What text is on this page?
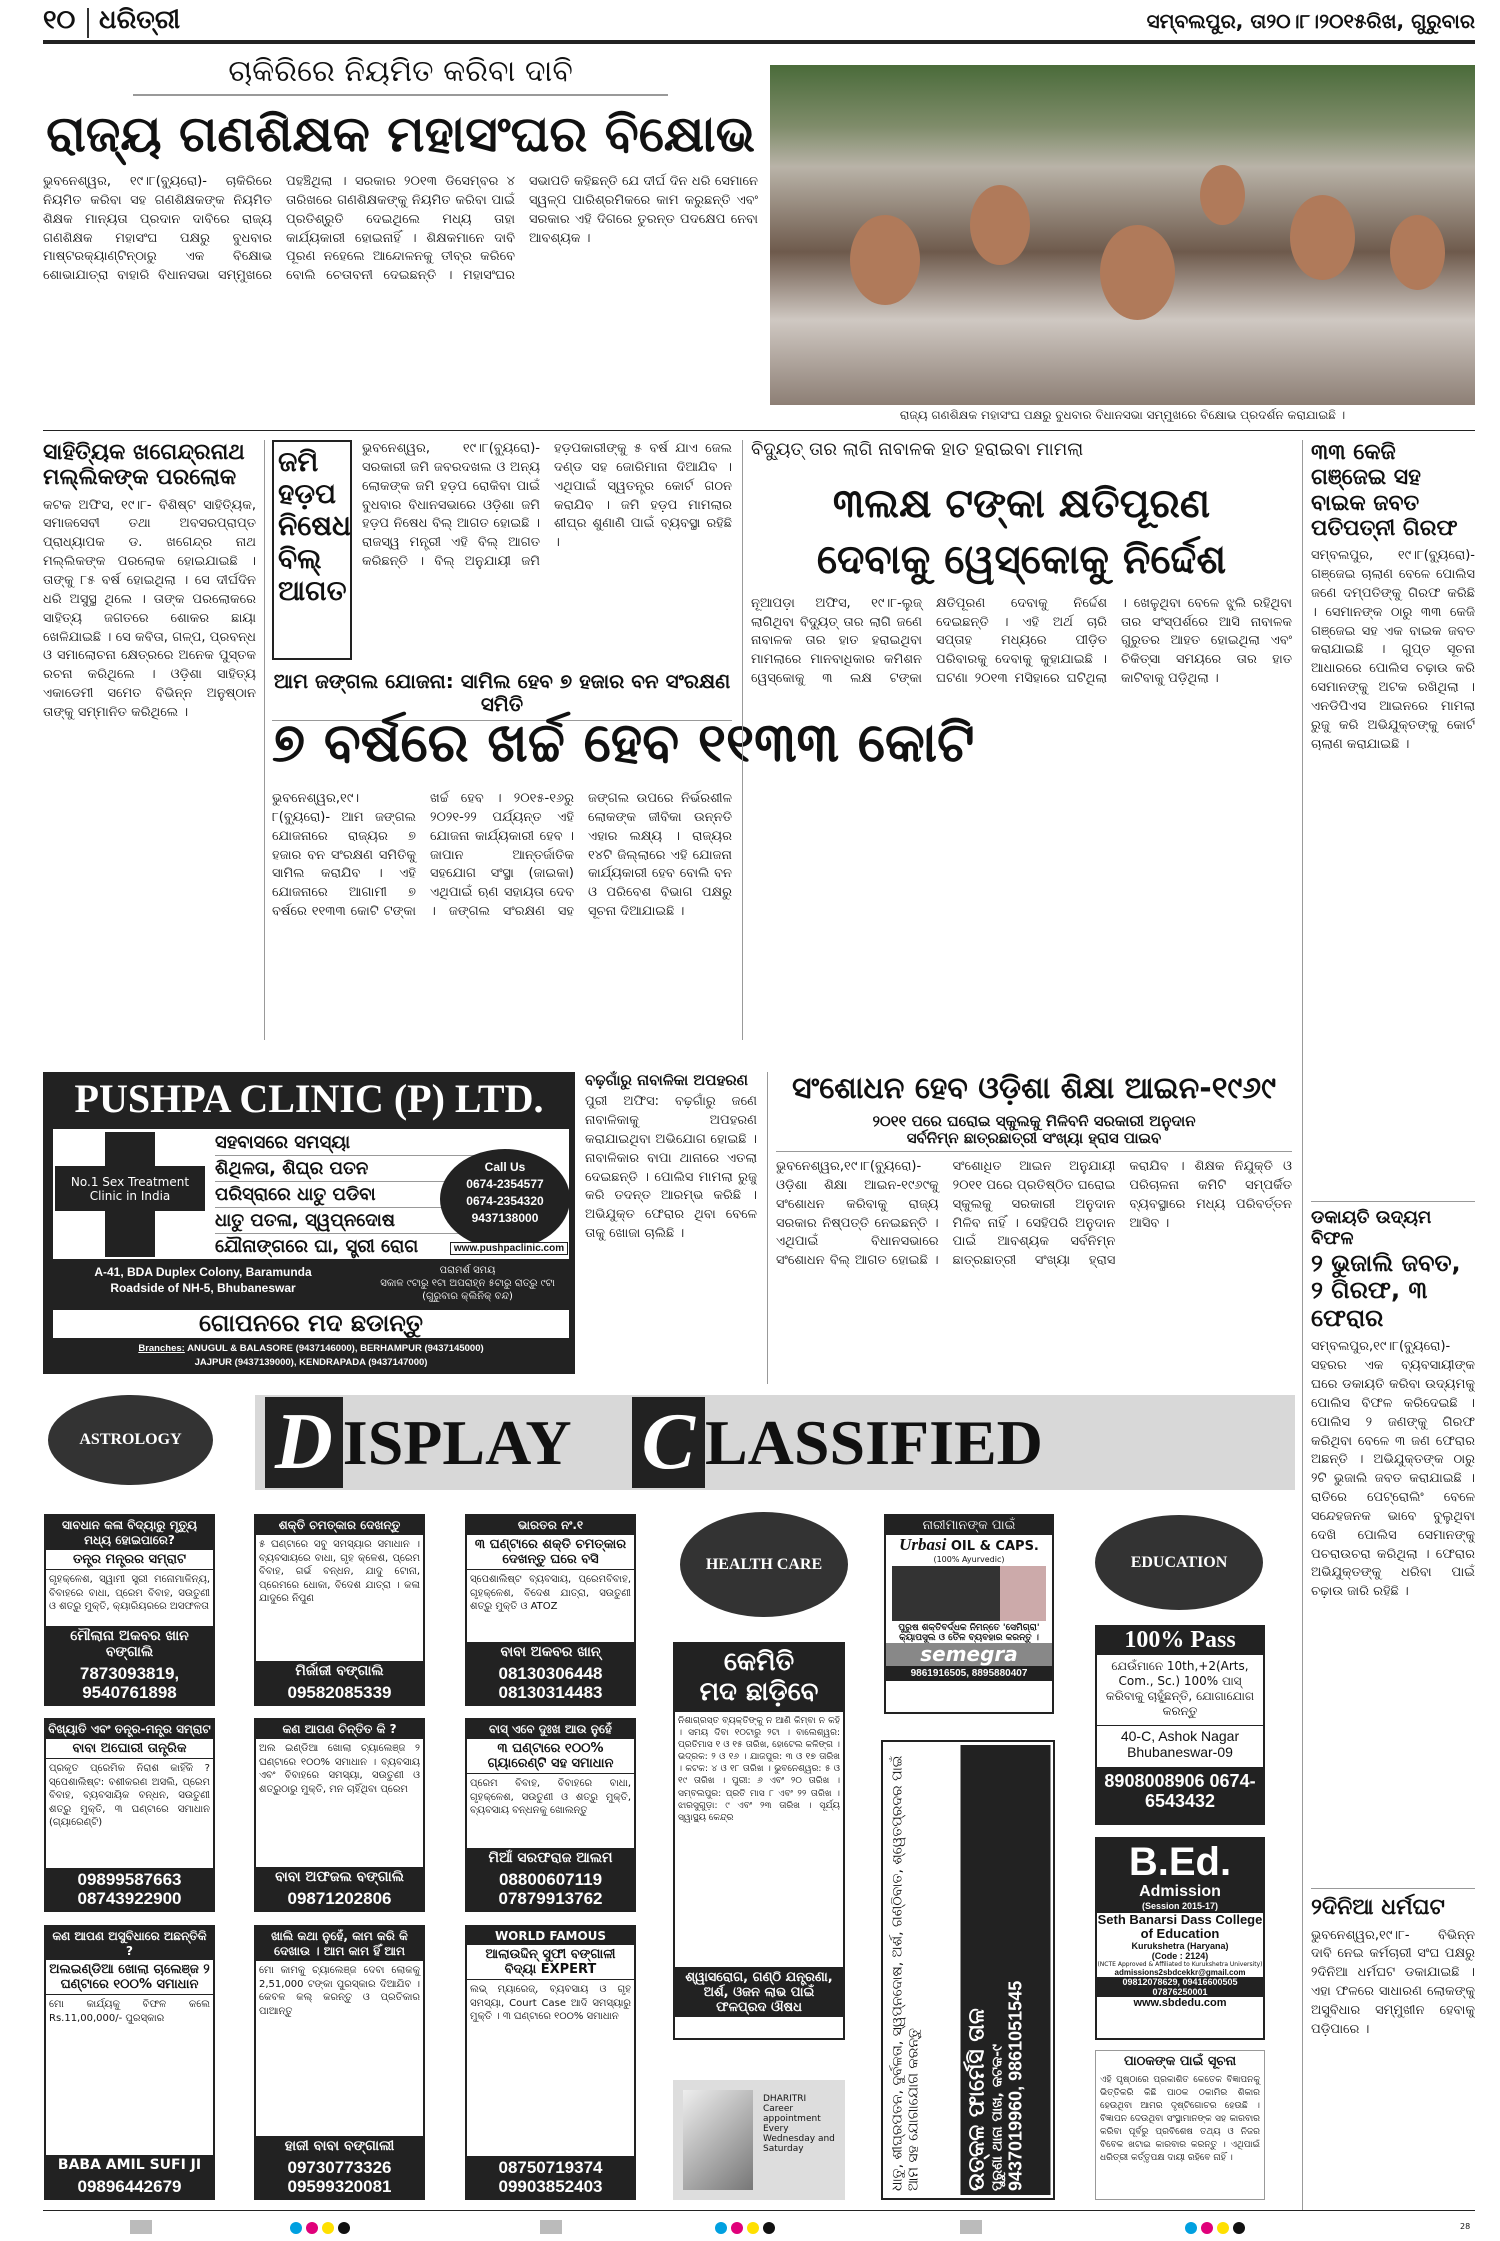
୧୦ ଧରିତ୍ରୀ	ସମ୍ବଲପୁର, ତା୨୦।୮।୨୦୧୫ରିଖ, ଗୁରୁବାର
ଚାକିରିରେ ନିୟମିତ କରିବା ଦାବି
ରାଜ୍ୟ ଗଣଶିକ୍ଷକ ମହାସଂଘର ବିକ୍ଷୋଭ
ଭୁବନେଶ୍ୱର, ୧୯।୮(ବ୍ୟୁରୋ)- ଚାକିରିରେ ନିୟମିତ କରିବା ସହ ଗଣଶିକ୍ଷକଙ୍କ ନିୟମିତ ଶିକ୍ଷକ ମାନ୍ୟତା ପ୍ରଦାନ ଦାବିରେ ରାଜ୍ୟ ଗଣଶିକ୍ଷକ ମହାସଂଘ ପକ୍ଷରୁ ବୁଧବାର ମାଷ୍ଟରକ୍ୟାଣ୍ଟିନ୍ଠାରୁ ଏକ ବିକ୍ଷୋଭ ଶୋଭାଯାତ୍ରା ବାହାରି ବିଧାନସଭା ସମ୍ମୁଖରେ ପହଞ୍ଚିଥିଲା । ସରକାର ୨୦୧୩ ଡିସେମ୍ବର ୪ ତାରିଖରେ ଗଣଶିକ୍ଷକଙ୍କୁ ନିୟମିତ କରିବା ପାଇଁ ପ୍ରତିଶ୍ରୁତି ଦେଇଥିଲେ ମଧ୍ୟ ତାହା କାର୍ଯ୍ୟକାରୀ ହୋଇନାହିଁ । ଶିକ୍ଷକମାନେ ଦାବି ପୂରଣ ନହେଲେ ଆନ୍ଦୋଳନକୁ ତୀବ୍ର କରିବେ ବୋଲି ଚେତାବନୀ ଦେଇଛନ୍ତି । ମହାସଂଘର ସଭାପତି କହିଛନ୍ତି ଯେ ଦୀର୍ଘ ଦିନ ଧରି ସେମାନେ ସ୍ୱଳ୍ପ ପାରିଶ୍ରମିକରେ କାମ କରୁଛନ୍ତି ଏବଂ ସରକାର ଏହି ଦିଗରେ ତୁରନ୍ତ ପଦକ୍ଷେପ ନେବା ଆବଶ୍ୟକ ।
ରାଜ୍ୟ ଗଣଶିକ୍ଷକ ମହାସଂଘ ପକ୍ଷରୁ ବୁଧବାର ବିଧାନସଭା ସମ୍ମୁଖରେ ବିକ୍ଷୋଭ ପ୍ରଦର୍ଶନ କରାଯାଇଛି ।
ସାହିତ୍ୟିକ ଖଗେନ୍ଦ୍ରନାଥ ମଲ୍ଲିକଙ୍କ ପରଲୋକ
କଟକ ଅଫିସ, ୧୯।୮- ବିଶିଷ୍ଟ ସାହିତ୍ୟିକ, ସମାଜସେବୀ ତଥା ଅବସରପ୍ରାପ୍ତ ପ୍ରାଧ୍ୟାପକ ଡ. ଖଗେନ୍ଦ୍ର ନାଥ ମଲ୍ଲିକଙ୍କ ପରଲୋକ ହୋଇଯାଇଛି । ତାଙ୍କୁ ୮୫ ବର୍ଷ ହୋଇଥିଲା । ସେ ଦୀର୍ଘଦିନ ଧରି ଅସୁସ୍ଥ ଥିଲେ । ତାଙ୍କ ପରଲୋକରେ ସାହିତ୍ୟ ଜଗତରେ ଶୋକର ଛାୟା ଖେଳିଯାଇଛି । ସେ କବିତା, ଗଳ୍ପ, ପ୍ରବନ୍ଧ ଓ ସମାଲୋଚନା କ୍ଷେତ୍ରରେ ଅନେକ ପୁସ୍ତକ ରଚନା କରିଥିଲେ । ଓଡ଼ିଶା ସାହିତ୍ୟ ଏକାଡେମୀ ସମେତ ବିଭିନ୍ନ ଅନୁଷ୍ଠାନ ତାଙ୍କୁ ସମ୍ମାନିତ କରିଥିଲେ ।
ଜମି ହଡ଼ପ ନିଷେଧ ବିଲ୍ ଆଗତ
ଭୁବନେଶ୍ୱର, ୧୯।୮(ବ୍ୟୁରୋ)- ସରକାରୀ ଜମି ଜବରଦଖଲ ଓ ଅନ୍ୟ ଲୋକଙ୍କ ଜମି ହଡ଼ପ ରୋକିବା ପାଇଁ ବୁଧବାର ବିଧାନସଭାରେ ଓଡ଼ିଶା ଜମି ହଡ଼ପ ନିଷେଧ ବିଲ୍ ଆଗତ ହୋଇଛି । ରାଜସ୍ୱ ମନ୍ତ୍ରୀ ଏହି ବିଲ୍ ଆଗତ କରିଛନ୍ତି । ବିଲ୍ ଅନୁଯାୟୀ ଜମି ହଡ଼ପକାରୀଙ୍କୁ ୫ ବର୍ଷ ଯାଏ ଜେଲ ଦଣ୍ଡ ସହ ଜୋରିମାନା ଦିଆଯିବ । ଏଥିପାଇଁ ସ୍ୱତନ୍ତ୍ର କୋର୍ଟ ଗଠନ କରାଯିବ । ଜମି ହଡ଼ପ ମାମଲାର ଶୀଘ୍ର ଶୁଣାଣି ପାଇଁ ବ୍ୟବସ୍ଥା ରହିଛି ।
ଆମ ଜଙ୍ଗଲ ଯୋଜନା: ସାମିଲ ହେବ ୭ ହଜାର ବନ ସଂରକ୍ଷଣ ସମିତି
୭ ବର୍ଷରେ ଖର୍ଚ୍ଚ ହେବ ୧୧୩୩ କୋଟି
ଭୁବନେଶ୍ୱର,୧୯।୮(ବ୍ୟୁରୋ)- ଆମ ଜଙ୍ଗଲ ଯୋଜନାରେ ରାଜ୍ୟର ୭ ହଜାର ବନ ସଂରକ୍ଷଣ ସମିତିକୁ ସାମିଲ କରାଯିବ । ଏହି ଯୋଜନାରେ ଆଗାମୀ ୭ ବର୍ଷରେ ୧୧୩୩ କୋଟି ଟଙ୍କା ଖର୍ଚ୍ଚ ହେବ । ୨୦୧୫-୧୬ରୁ ୨୦୨୧-୨୨ ପର୍ଯ୍ୟନ୍ତ ଏହି ଯୋଜନା କାର୍ଯ୍ୟକାରୀ ହେବ । ଜାପାନ ଆନ୍ତର୍ଜାତିକ ସହଯୋଗ ସଂସ୍ଥା (ଜାଇକା) ଏଥିପାଇଁ ଋଣ ସହାୟତା ଦେବ । ଜଙ୍ଗଲ ସଂରକ୍ଷଣ ସହ ଜଙ୍ଗଲ ଉପରେ ନିର୍ଭରଶୀଳ ଲୋକଙ୍କ ଜୀବିକା ଉନ୍ନତି ଏହାର ଲକ୍ଷ୍ୟ । ରାଜ୍ୟର ୧୪ଟି ଜିଲ୍ଲାରେ ଏହି ଯୋଜନା କାର୍ଯ୍ୟକାରୀ ହେବ ବୋଲି ବନ ଓ ପରିବେଶ ବିଭାଗ ପକ୍ଷରୁ ସୂଚନା ଦିଆଯାଇଛି ।
ବିଦ୍ୟୁତ୍ ତାର ଲାଗି ନାବାଳକ ହାତ ହରାଇବା ମାମଲା
୩ଲକ୍ଷ ଟଙ୍କା କ୍ଷତିପୂରଣ
ଦେବାକୁ ୱେସ୍କୋକୁ ନିର୍ଦ୍ଦେଶ
ନୂଆପଡ଼ା ଅଫିସ, ୧୯।୮-ଲୁଜ୍ ଲାଗିଥିବା ବିଦ୍ୟୁତ୍ ତାର ଲାଗି ଜଣେ ନାବାଳକ ତାର ହାତ ହରାଇଥିବା ମାମଲାରେ ମାନବାଧିକାର କମିଶନ ୱେସ୍କୋକୁ ୩ ଲକ୍ଷ ଟଙ୍କା କ୍ଷତିପୂରଣ ଦେବାକୁ ନିର୍ଦ୍ଦେଶ ଦେଇଛନ୍ତି । ଏହି ଅର୍ଥ ଚାରି ସପ୍ତାହ ମଧ୍ୟରେ ପୀଡ଼ିତ ପରିବାରକୁ ଦେବାକୁ କୁହାଯାଇଛି । ଘଟଣା ୨୦୧୩ ମସିହାରେ ଘଟିଥିଲା । ଖେଳୁଥିବା ବେଳେ ଝୁଲି ରହିଥିବା ତାର ସଂସ୍ପର୍ଶରେ ଆସି ନାବାଳକ ଗୁରୁତର ଆହତ ହୋଇଥିଲା ଏବଂ ଚିକିତ୍ସା ସମୟରେ ତାର ହାତ କାଟିବାକୁ ପଡ଼ିଥିଲା ।
୩୩ କେଜି ଗଞ୍ଜେଇ ସହ ବାଇକ ଜବତ ପତିପତ୍ନୀ ଗିରଫ
ସମ୍ବଲପୁର, ୧୯।୮(ବ୍ୟୁରୋ)- ଗଞ୍ଜେଇ ଚାଲାଣ ବେଳେ ପୋଲିସ ଜଣେ ଦମ୍ପତିଙ୍କୁ ଗିରଫ କରିଛି । ସେମାନଙ୍କ ଠାରୁ ୩୩ କେଜି ଗଞ୍ଜେଇ ସହ ଏକ ବାଇକ ଜବତ କରାଯାଇଛି । ଗୁପ୍ତ ସୂଚନା ଆଧାରରେ ପୋଲିସ ଚଢ଼ାଉ କରି ସେମାନଙ୍କୁ ଅଟକ ରଖିଥିଲା । ଏନଡିପିଏସ ଆଇନରେ ମାମଲା ରୁଜୁ କରି ଅଭିଯୁକ୍ତଙ୍କୁ କୋର୍ଟ ଚାଲାଣ କରାଯାଇଛି ।
ଡକାୟତି ଉଦ୍ୟମ ବିଫଳ
୨ ଭୁଜାଲି ଜବତ, ୨ ଗିରଫ, ୩ ଫେରାର
ସମ୍ବଲପୁର,୧୯।୮(ବ୍ୟୁରୋ)- ସହରର ଏକ ବ୍ୟବସାୟୀଙ୍କ ଘରେ ଡକାୟତି କରିବା ଉଦ୍ୟମକୁ ପୋଲିସ ବିଫଳ କରିଦେଇଛି । ପୋଲିସ ୨ ଜଣଙ୍କୁ ଗିରଫ କରିଥିବା ବେଳେ ୩ ଜଣ ଫେରାର ଅଛନ୍ତି । ଅଭିଯୁକ୍ତଙ୍କ ଠାରୁ ୨ଟି ଭୁଜାଲି ଜବତ କରାଯାଇଛି । ରାତିରେ ପେଟ୍ରୋଲିଂ ବେଳେ ସନ୍ଦେହଜନକ ଭାବେ ବୁଲୁଥିବା ଦେଖି ପୋଲିସ ସେମାନଙ୍କୁ ପଚରାଉଚରା କରିଥିଲା । ଫେରାର ଅଭିଯୁକ୍ତଙ୍କୁ ଧରିବା ପାଇଁ ଚଢ଼ାଉ ଜାରି ରହିଛି ।
୨ଦିନିଆ ଧର୍ମଘଟ
ଭୁବନେଶ୍ୱର,୧୯।୮- ବିଭିନ୍ନ ଦାବି ନେଇ କର୍ମଚାରୀ ସଂଘ ପକ୍ଷରୁ ୨ଦିନିଆ ଧର୍ମଘଟ ଡକାଯାଇଛି । ଏହା ଫଳରେ ସାଧାରଣ ଲୋକଙ୍କୁ ଅସୁବିଧାର ସମ୍ମୁଖୀନ ହେବାକୁ ପଡ଼ିପାରେ ।
PUSHPA CLINIC (P) LTD.
No.1 Sex Treatment Clinic in India
ସହବାସରେ ସମସ୍ୟା
ଶିଥିଳତା, ଶିଘ୍ର ପତନ
ପରିସ୍ରାରେ ଧାତୁ ପଡିବା
ଧାତୁ ପତଳା, ସ୍ୱପ୍ନଦୋଷ
ଯୌନାଙ୍ଗରେ ଘା, ସ୍ତ୍ରୀ ରୋଗ
Call Us
0674-2354577
0674-2354320
9437138000
www.pushpaclinic.com
A-41, BDA Duplex Colony, Baramunda
Roadside of NH-5, Bhubaneswar
ପରାମର୍ଶ ସମୟ
ସକାଳ ୯ଟାରୁ ୧ଟା ଅପରାହ୍ନ ୫ଟାରୁ ରାତ୍ରୁ ୯ଟା
(ଗୁରୁବାର କ୍ଲିନିକ୍ ବନ୍ଦ)
ଗୋପନରେ ମଦ ଛଡାନ୍ତୁ
Branches: ANUGUL & BALASORE (9437146000), BERHAMPUR (9437145000)
JAJPUR (9437139000), KENDRAPADA (9437147000)
ବଢ଼ଗାଁରୁ ନାବାଳିକା ଅପହରଣ
ପୁରୀ ଅଫିସ: ବଢ଼ଗାଁରୁ ଜଣେ ନାବାଳିକାକୁ ଅପହରଣ କରାଯାଇଥିବା ଅଭିଯୋଗ ହୋଇଛି । ନାବାଳିକାର ବାପା ଥାନାରେ ଏତଲା ଦେଇଛନ୍ତି । ପୋଲିସ ମାମଲା ରୁଜୁ କରି ତଦନ୍ତ ଆରମ୍ଭ କରିଛି । ଅଭିଯୁକ୍ତ ଫେରାର ଥିବା ବେଳେ ତାକୁ ଖୋଜା ଚାଲିଛି ।
ସଂଶୋଧନ ହେବ ଓଡ଼ିଶା ଶିକ୍ଷା ଆଇନ-୧୯୬୯
୨୦୧୧ ପରେ ଘରୋଇ ସ୍କୁଲକୁ ମିଳିବନି ସରକାରୀ ଅନୁଦାନ
ସର୍ବନିମ୍ନ ଛାତ୍ରଛାତ୍ରୀ ସଂଖ୍ୟା ହ୍ରାସ ପାଇବ
ଭୁବନେଶ୍ୱର,୧୯।୮(ବ୍ୟୁରୋ)- ଓଡ଼ିଶା ଶିକ୍ଷା ଆଇନ-୧୯୬୯କୁ ସଂଶୋଧନ କରିବାକୁ ରାଜ୍ୟ ସରକାର ନିଷ୍ପତ୍ତି ନେଇଛନ୍ତି । ଏଥିପାଇଁ ବିଧାନସଭାରେ ସଂଶୋଧନ ବିଲ୍ ଆଗତ ହୋଇଛି । ସଂଶୋଧିତ ଆଇନ ଅନୁଯାୟୀ ୨୦୧୧ ପରେ ପ୍ରତିଷ୍ଠିତ ଘରୋଇ ସ୍କୁଲକୁ ସରକାରୀ ଅନୁଦାନ ମିଳିବ ନାହିଁ । ସେହିପରି ଅନୁଦାନ ପାଇଁ ଆବଶ୍ୟକ ସର୍ବନିମ୍ନ ଛାତ୍ରଛାତ୍ରୀ ସଂଖ୍ୟା ହ୍ରାସ କରାଯିବ । ଶିକ୍ଷକ ନିଯୁକ୍ତି ଓ ପରିଚାଳନା କମିଟି ସମ୍ପର୍କିତ ବ୍ୟବସ୍ଥାରେ ମଧ୍ୟ ପରିବର୍ତ୍ତନ ଆସିବ ।
ASTROLOGY D ISPLAY C LASSIFIED
ସାବଧାନ କଳା ବିଦ୍ୟାରୁ ମୃତ୍ୟୁ ମଧ୍ୟ ହୋଇପାରେ?
ତନ୍ତ୍ର ମନ୍ତ୍ରର ସମ୍ରାଟ
ଗୃହକ୍ଳେଶ, ସ୍ୱାମୀ ସ୍ତ୍ରୀ ମନୋମାଳିନ୍ୟ, ବିବାହରେ ବାଧା, ପ୍ରେମ ବିବାହ, ସଉତୁଣୀ ଓ ଶତ୍ରୁ ମୁକ୍ତି, କ୍ୟାରିୟରରେ ଅସଫଳତା
ମୌଲାନା ଅକବର ଖାନ ବଙ୍ଗାଲି
7873093819, 9540761898
ଶକ୍ତି ଚମତ୍କାର ଦେଖନ୍ତୁ
୫ ଘଣ୍ଟାରେ ସବୁ ସମସ୍ୟାର ସମାଧାନ । ବ୍ୟବସାୟରେ ବାଧା, ଗୃହ କ୍ଳେଶ, ପ୍ରେମ ବିବାହ, ଗର୍ଭ ବନ୍ଧନ, ଯାଦୁ ଟୋନା, ପ୍ରେମରେ ଧୋକା, ବିଦେଶ ଯାତ୍ରା । କଳା ଯାଦୁରେ ନିପୁଣ
ମିର୍ଜାଜୀ ବଙ୍ଗାଲି
09582085339
ଭାରତର ନଂ.୧
୩ ଘଣ୍ଟାରେ ଶକ୍ତି ଚମତ୍କାର ଦେଖନ୍ତୁ ଘରେ ବସି
ସ୍ପେଶାଲିଷ୍ଟ ବ୍ୟବସାୟ, ପ୍ରେମବିବାହ, ଗୃହକ୍ଳେଶ, ବିଦେଶ ଯାତ୍ରା, ସଉତୁଣୀ ଶତ୍ରୁ ମୁକ୍ତି ଓ ATOZ
ବାବା ଅକବର ଖାନ୍
08130306448 08130314483
ବିଖ୍ୟାତି ଏବଂ ତନ୍ତ୍ର-ମନ୍ତ୍ର ସମ୍ରାଟ
ବାବା ଅଘୋରୀ ତାନ୍ତ୍ରିକ
ପ୍ରକୃତ ପ୍ରେମିକ ନିରାଶ କାହିଁକି ? ସ୍ପେଶାଲିଷ୍ଟ: ବଶୀକରଣ ଅସଲି, ପ୍ରେମ ବିବାହ, ବ୍ୟବସାୟିକ ବନ୍ଧନ, ସଉତୁଣୀ ଶତ୍ରୁ ମୁକ୍ତି, ୩ ଘଣ୍ଟାରେ ସମାଧାନ (ଗ୍ୟାରେଣ୍ଟି)
09899587663 08743922900
କଣ ଆପଣ ଚିନ୍ତିତ କି ?
ଅଲ ଇଣ୍ଡିଆ ଖୋଲା ଚ୍ୟାଲେଞ୍ଜ ୨ ଘଣ୍ଟାରେ ୧୦୦% ସମାଧାନ । ବ୍ୟବସାୟ ଏବଂ ବିବାହରେ ସମସ୍ୟା, ସଉତୁଣୀ ଓ ଶତ୍ରୁଠାରୁ ମୁକ୍ତି, ମନ ଚାହିଁଥିବା ପ୍ରେମ
ବାବା ଅଫଜଲ ବଙ୍ଗାଲି
09871202806
ବାସ୍ ଏବେ ଦୁଃଖ ଆଉ ନୁହେଁ
୩ ଘଣ୍ଟାରେ ୧୦୦% ଗ୍ୟାରେଣ୍ଟି ସହ ସମାଧାନ
ପ୍ରେମ ବିବାହ, ବିବାହରେ ବାଧା, ଗୃହକ୍ଳେଶ, ସଉତୁଣୀ ଓ ଶତ୍ରୁ ମୁକ୍ତି, ବ୍ୟବସାୟ ବନ୍ଧନକୁ ଖୋଲନ୍ତୁ
ମିଆଁ ସରଫରାଜ ଆଲମ
08800607119 07879913762
କଣ ଆପଣ ଅସୁବିଧାରେ ଅଛନ୍ତିକି ?
ଅଲଇଣ୍ଡିଆ ଖୋଲା ଚାଲେଞ୍ଜ ୨ ଘଣ୍ଟାରେ ୧୦୦% ସମାଧାନ
ମୋ କାର୍ଯ୍ୟକୁ ବିଫଳ କଲେ Rs.11,00,000/- ପୁରସ୍କାର
BABA AMIL SUFI JI
09896442679
ଖାଲି କଥା ନୁହେଁ, କାମ କରି କି ଦେଖାଉ । ଆମ କାମ ହିଁ ଆମ
ମୋ କାମକୁ ଚ୍ୟାଲେଞ୍ଜ ଦେବା ଲୋକକୁ 2,51,000 ଟଙ୍କା ପୁରସ୍କାର ଦିଆଯିବ । କେବଳ କଲ୍ କରନ୍ତୁ ଓ ପ୍ରତିକାର ପାଆନ୍ତୁ
ହାଜୀ ବାବା ବଙ୍ଗାଲୀ
09730773326 09599320081
WORLD FAMOUS
ଆଲାଉଦ୍ଦିନ୍ ସୁଫୀ ବଙ୍ଗାଳୀ ବିଦ୍ୟା EXPERT
ଲଭ୍ ମ୍ୟାରେଜ୍, ବ୍ୟବସାୟ ଓ ଗୃହ ସମସ୍ୟା, Court Case ଆଦି ସମସ୍ୟାରୁ ମୁକ୍ତି । ୩ ଘଣ୍ଟାରେ ୧୦୦% ସମାଧାନ
08750719374 09903852403
HEALTH CARE
କେମିତି
ମଦ ଛାଡ଼ିବେ
ନିଶାଗ୍ରସ୍ତ ବ୍ୟକ୍ତିଙ୍କୁ ନ ଆଣି କିମ୍ବା ନ କହି । ସମୟ ଦିବା ୧୦ଟାରୁ ୨ଟା । ବାଲେଶ୍ୱର: ପ୍ରତିମାସ ୧ ଓ ୧୫ ତାରିଖ, ହୋଟେଲ କଳିଙ୍ଗ । ଭଦ୍ରକ: ୨ ଓ ୧୬ । ଯାଜପୁର: ୩ ଓ ୧୭ ତାରିଖ । କଟକ: ୪ ଓ ୧୮ ତାରିଖ । ଭୁବନେଶ୍ୱର: ୫ ଓ ୧୯ ତାରିଖ । ପୁରୀ: ୬ ଏବଂ ୨୦ ତାରିଖ । ସମ୍ବଲପୁର: ପ୍ରତି ମାସ ୮ ଏବଂ ୨୨ ତାରିଖ । ଝାରସୁଗୁଡ଼ା: ୯ ଏବଂ ୨୩ ତାରିଖ । ସୂର୍ଯ୍ୟ ସ୍ୱାସ୍ଥ୍ୟ କେନ୍ଦ୍ର
ଶ୍ୱାସରୋଗ, ଗଣ୍ଠି ଯନ୍ତ୍ରଣା, ଅର୍ଶ, ଓଜନ ଲାଭ ପାଇଁ ଫଳପ୍ରଦ ଔଷଧ
DHARITRI Career appointment Every Wednesday and Saturday
ନାରୀମାନଙ୍କ ପାଇଁ
Urbasi OIL & CAPS.
(100% Ayurvedic)
ପୁରୁଷ ଶକ୍ତିବର୍ଦ୍ଧକ ନିମନ୍ତେ 'ସେମିଗ୍ରା' କ୍ୟାପସୁଲ ଓ ତୈଳ ବ୍ୟବହାର କରନ୍ତୁ ।
semegra
9861916505, 8895880407
ଧାତୁ, ଶୀଘ୍ରପତନ, ଦୁର୍ବଳତା, ସ୍ୱପ୍ନଦୋଷ, ଅର୍ଶ, ଗଣ୍ଠିବାତ, ଶ୍ୱେତପ୍ରଦର ପାଇଁ ଆମ ସହ ଯୋଗାଯୋଗ କରନ୍ତୁ	ଉତ୍କଳ ଫାର୍ମେସି ତାଳ ପୁରୁଣା ଥାନା ପାଖ, କଟକ-୯ 9437019960, 9861051545
EDUCATION
100% Pass
ଯେଉଁମାନେ 10th,+2(Arts, Com., Sc.) 100% ପାସ୍ କରିବାକୁ ଚାହୁଁଛନ୍ତି, ଯୋଗାଯୋଗ କରନ୍ତୁ
40-C, Ashok Nagar Bhubaneswar-09
8908008906 0674-6543432
B.Ed.
Admission
(Session 2015-17)
Seth Banarsi Dass College of Education
Kurukshetra (Haryana)
(Code : 2124)
(NCTE Approved & Affiliated to Kurukshetra University)
admissions2sbdcekkr@gmail.com
09812078629, 09416600505 07876250001
www.sbdedu.com
ପାଠକଙ୍କ ପାଇଁ ସୂଚନା
ଏହି ପୃଷ୍ଠାରେ ପ୍ରକାଶିତ କେତେକ ବିଜ୍ଞାପନକୁ ଭିତ୍ତିକରି କିଛି ପାଠକ ଠକାମିର ଶିକାର ହେଉଥିବା ଆମର ଦୃଷ୍ଟିଗୋଚର ହେଉଛି । ବିଜ୍ଞାପନ ଦେଉଥିବା ସଂସ୍ଥାମାନଙ୍କ ସହ କାରବାର କରିବା ପୂର୍ବରୁ ପ୍ରବିଶେଷ ତଥ୍ୟ ଓ ନିଜର ବିବେକ ଖଟାଇ କାରବାର କରନ୍ତୁ । ଏଥିପାଇଁ ଧରିତ୍ରୀ କର୍ତ୍ତୃପକ୍ଷ ଦାୟୀ ରହିବେ ନାହିଁ ।
28
